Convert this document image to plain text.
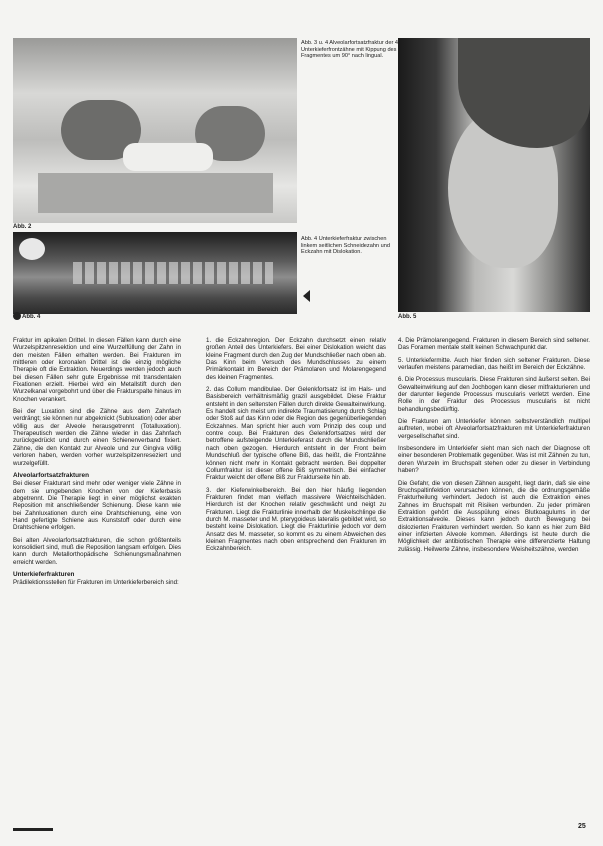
Abb. 2

Abb. 3 u. 4 Alveolarfortsatzfraktur der 4 Unterkieferfrontzähne mit Kippung des Fragmentes um 90° nach lingual.

Abb. 4

Abb. 4 Unterkieferfraktur zwischen linkem seitlichen Schneidezahn und Eckzahn mit Dislokation.

Abb. 5

Fraktur im apikalen Drittel. In diesen Fällen kann durch eine Wurzelspitzenresektion und eine Wurzelfüllung der Zahn in den meisten Fällen erhalten werden. Bei Frakturen im mittleren oder koronalen Drittel ist die einzig mögliche Therapie oft die Extraktion. Neuerdings werden jedoch auch bei diesen Fällen sehr gute Ergebnisse mit transdentalen Fixationen erzielt. Hierbei wird ein Metallstift durch den Wurzelkanal vorgebohrt und über die Frakturspalte hinaus im Knochen verankert.

Bei der Luxation sind die Zähne aus dem Zahnfach verdrängt; sie können nur abgeknickt (Subluxation) oder aber völlig aus der Alveole herausgetrennt (Totalluxation). Therapeutisch werden die Zähne wieder in das Zahnfach zurückgedrückt und durch einen Schienenverband fixiert. Zähne, die den Kontakt zur Alveole und zur Gingiva völlig verloren haben, werden vorher wurzelspitzenreseziert und wurzelgefüllt.

Alveolarfortsatzfrakturen

Bei dieser Frakturart sind mehr oder weniger viele Zähne in dem sie umgebenden Knochen von der Kieferbasis abgetrennt. Die Therapie liegt in einer möglichst exakten Reposition mit anschließender Schienung. Diese kann wie bei Zahnluxationen durch eine Drahtschienung, eine von Hand gefertigte Schiene aus Kunststoff oder durch eine Drahtschiene erfolgen.

Bei alten Alveolarfortsatzfrakturen, die schon größtenteils konsolidiert sind, muß die Reposition langsam erfolgen. Dies kann durch Metallorthopädische Schienungsmaßnahmen erreicht werden.

Unterkieferfrakturen

Prädilektionsstellen für Frakturen im Unterkieferbereich sind:

1. die Eckzahnregion. Der Eckzahn durchsetzt einen relativ großen Anteil des Unterkiefers. Bei einer Dislokation weicht das kleine Fragment durch den Zug der Mundschließer nach oben ab. Das Kinn beim Versuch des Mundschlusses zu einem Primärkontakt im Bereich der Prämolaren und Molarengegend des kleinen Fragmentes.

2. das Collum mandibulae. Der Gelenkfortsatz ist im Hals- und Basisbereich verhältnismäßig grazil ausgebildet. Diese Fraktur entsteht in den seltensten Fällen durch direkte Gewalteinwirkung. Es handelt sich meist um indirekte Traumatisierung durch Schlag oder Stoß auf das Kinn oder die Region des gegenüberliegenden Eckzahnes. Man spricht hier auch vom Prinzip des coup und contre coup. Bei Frakturen des Gelenkfortsatzes wird der betroffene aufsteigende Unterkieferast durch die Mundschließer nach oben gezogen. Hierdurch entsteht in der Front beim Mundschluß der typische offene Biß, das heißt, die Frontzähne können nicht mehr in Kontakt gebracht werden. Bei doppelter Collumfraktur ist dieser offene Biß symmetrisch. Bei einfacher Fraktur weicht der offene Biß zur Frakturseite hin ab.

3. der Kieferwinkelbereich. Bei den hier häufig liegenden Frakturen findet man vielfach massivere Weichteilschäden. Hierdurch ist der Knochen relativ geschwächt und neigt zu Frakturen. Liegt die Frakturlinie innerhalb der Muskelschlinge die durch M. masseter und M. pterygoideus lateralis gebildet wird, so besteht keine Dislokation. Liegt die Frakturlinie jedoch vor dem Ansatz des M. masseter, so kommt es zu einem Abweichen des kleinen Fragmentes nach oben entsprechend den Frakturen im Eckzahnbereich.

4. Die Prämolarengegend. Frakturen in diesem Bereich sind seltener. Das Foramen mentale stellt keinen Schwachpunkt dar.

5. Unterkiefermitte. Auch hier finden sich seltener Frakturen. Diese verlaufen meistens paramedian, das heißt im Bereich der Eckzähne.

6. Die Processus muscularis. Diese Frakturen sind äußerst selten. Bei Gewalteinwirkung auf den Jochbogen kann dieser mitfrakturieren und der darunter liegende Processus muscularis verletzt werden. Eine Rolle in der Fraktur des Processus muscularis ist nicht behandlungsbedürftig.

Die Frakturen am Unterkiefer können selbstverständlich multipel auftreten, wobei oft Alveolarfortsatzfrakturen mit Unterkieferfrakturen vergesellschaftet sind.

Insbesondere im Unterkiefer sieht man sich nach der Diagnose oft einer besonderen Problematik gegenüber. Was ist mit Zähnen zu tun, deren Wurzeln im Bruchspalt stehen oder zu dieser in Verbindung haben?

Die Gefahr, die von diesen Zähnen ausgeht, liegt darin, daß sie eine Bruchspaltinfektion verursachen können, die die ordnungsgemäße Frakturheilung verhindert. Jedoch ist auch die Extraktion eines Zahnes im Bruchspalt mit Risiken verbunden. Zu jeder primären Extraktion gehört die Ausspülung eines Blutkoagulums in der Extraktionsalveole. Dieses kann jedoch durch Bewegung bei dislozierten Frakturen verhindert werden. So kann es hier zum Bild einer infizierten Alveole kommen. Allerdings ist heute durch die Möglichkeit der antibiotischen Therapie eine differenzierte Haltung zulässig. Heilwerte Zähne, insbesondere Weisheitszähne, werden

25
